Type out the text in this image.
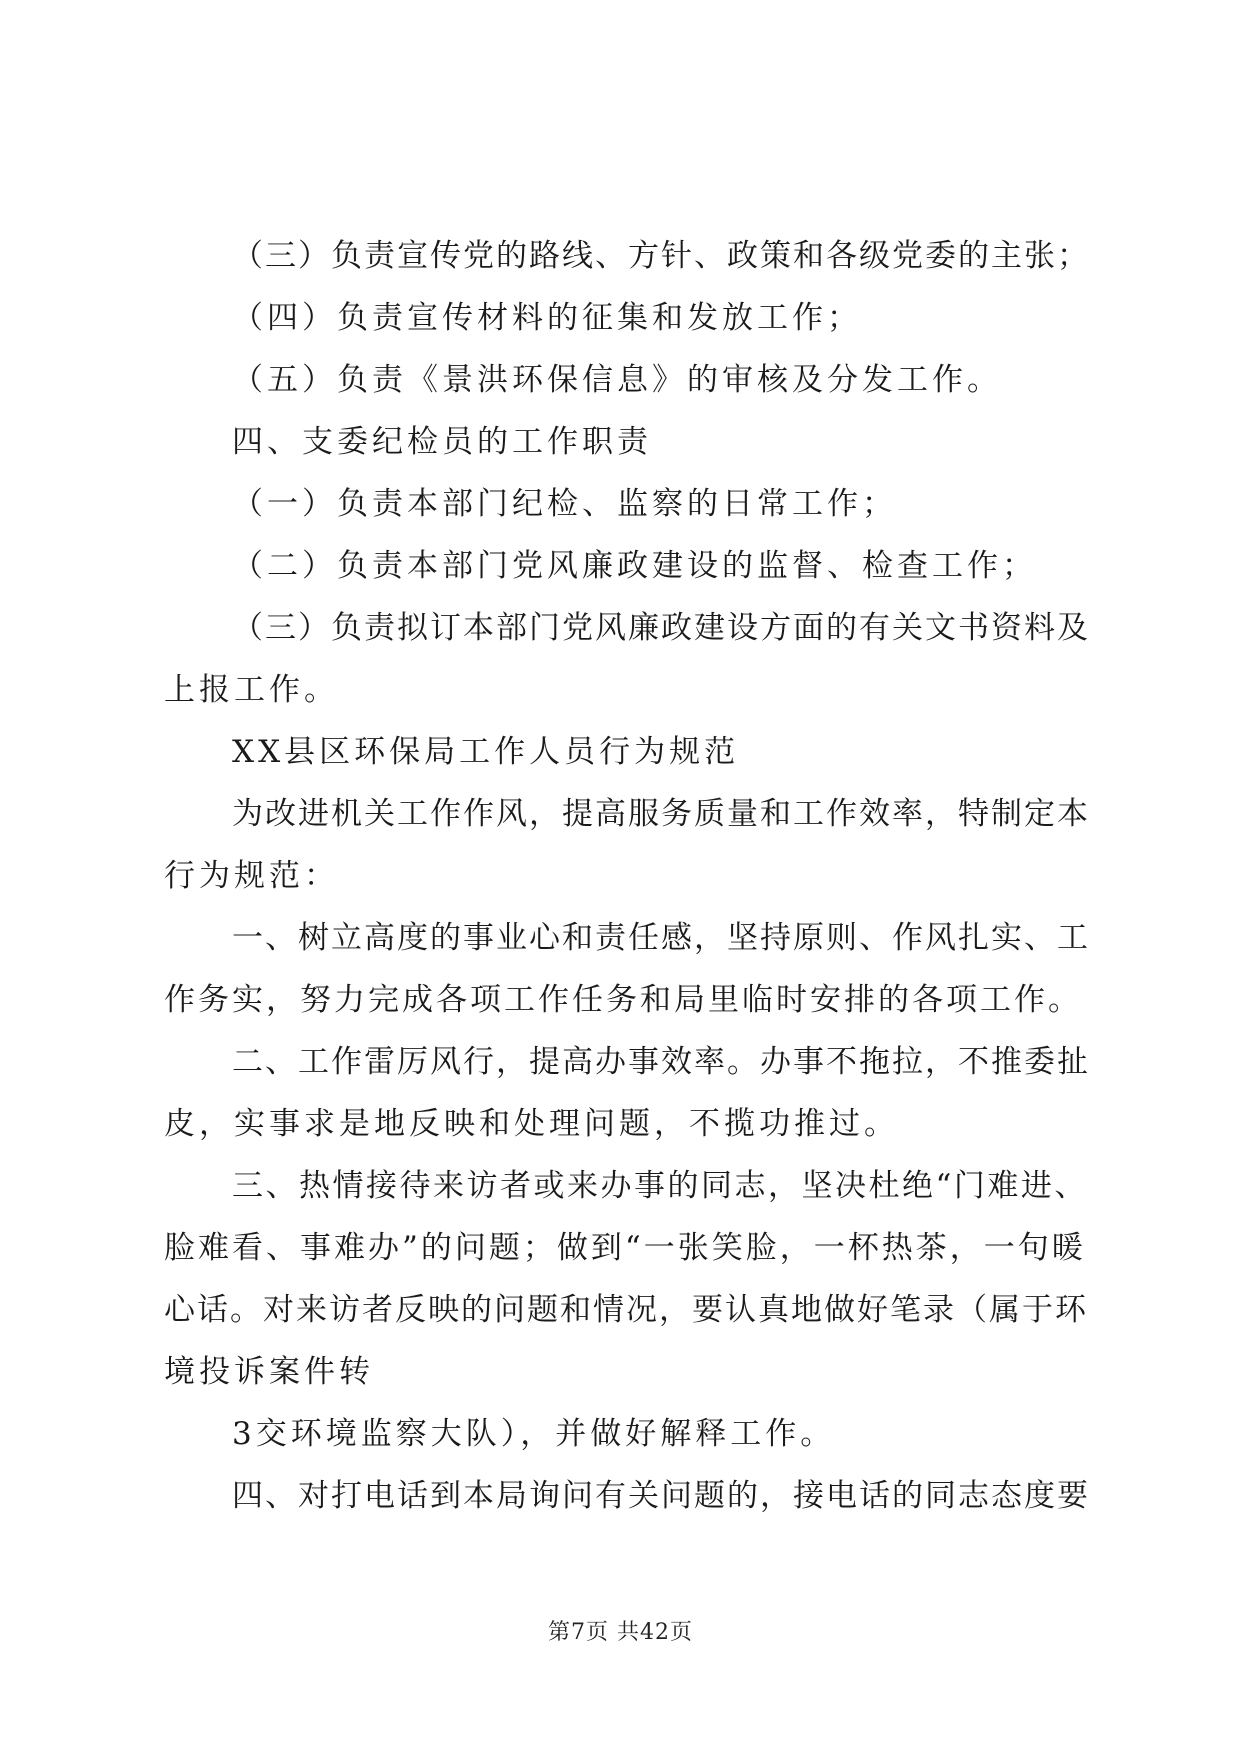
（三）负责宣传党的路线、方针、政策和各级党委的主张；
（四）负责宣传材料的征集和发放工作；
（五）负责《景洪环保信息》的审核及分发工作。
四、支委纪检员的工作职责
（一）负责本部门纪检、监察的日常工作；
（二）负责本部门党风廉政建设的监督、检查工作；
（三）负责拟订本部门党风廉政建设方面的有关文书资料及
上报工作。
XX县区环保局工作人员行为规范
为改进机关工作作风，提高服务质量和工作效率，特制定本
行为规范：
一、树立高度的事业心和责任感，坚持原则、作风扎实、工
作务实，努力完成各项工作任务和局里临时安排的各项工作。
二、工作雷厉风行，提高办事效率。办事不拖拉，不推委扯
皮，实事求是地反映和处理问题，不揽功推过。
三、热情接待来访者或来办事的同志，坚决杜绝“门难进、
脸难看、事难办”的问题；做到“一张笑脸，一杯热茶，一句暖
心话。对来访者反映的问题和情况，要认真地做好笔录（属于环
境投诉案件转
3交环境监察大队），并做好解释工作。
四、对打电话到本局询问有关问题的，接电话的同志态度要
第7页 共42页
